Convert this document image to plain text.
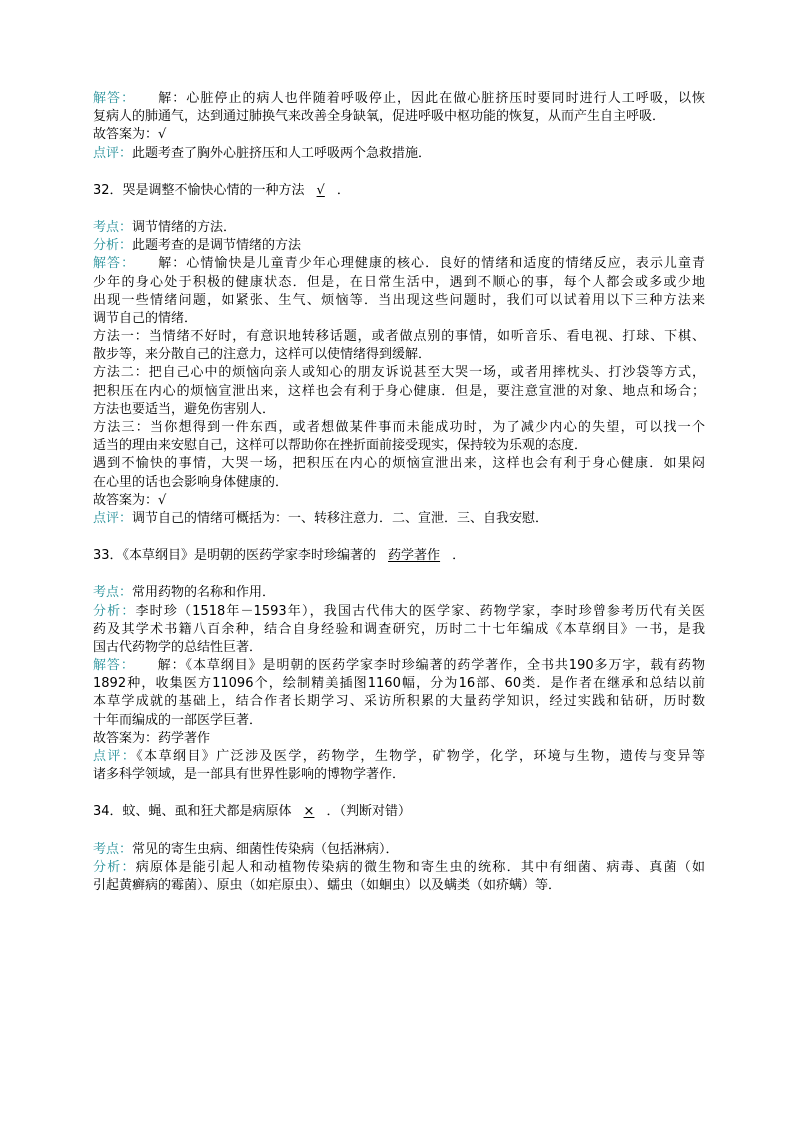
解答： 解：心脏停止的病人也伴随着呼吸停止，因此在做心脏挤压时要同时进行人工呼吸，以恢
复病人的肺通气，达到通过肺换气来改善全身缺氧，促进呼吸中枢功能的恢复，从而产生自主呼吸．
故答案为：√
点评：此题考查了胸外心脏挤压和人工呼吸两个急救措施．
32．哭是调整不愉快心情的一种方法 √ ．
考点：调节情绪的方法．
分析：此题考查的是调节情绪的方法
解答： 解：心情愉快是儿童青少年心理健康的核心．良好的情绪和适度的情绪反应，表示儿童青
少年的身心处于积极的健康状态．但是，在日常生活中，遇到不顺心的事，每个人都会或多或少地
出现一些情绪问题，如紧张、生气、烦恼等．当出现这些问题时，我们可以试着用以下三种方法来
调节自己的情绪．
方法一：当情绪不好时，有意识地转移话题，或者做点别的事情，如听音乐、看电视、打球、下棋、
散步等，来分散自己的注意力，这样可以使情绪得到缓解．
方法二：把自己心中的烦恼向亲人或知心的朋友诉说甚至大哭一场，或者用摔枕头、打沙袋等方式，
把积压在内心的烦恼宣泄出来，这样也会有利于身心健康．但是，要注意宣泄的对象、地点和场合；
方法也要适当，避免伤害别人．
方法三：当你想得到一件东西，或者想做某件事而未能成功时，为了减少内心的失望，可以找一个
适当的理由来安慰自己，这样可以帮助你在挫折面前接受现实，保持较为乐观的态度．
遇到不愉快的事情，大哭一场，把积压在内心的烦恼宣泄出来，这样也会有利于身心健康．如果闷
在心里的话也会影响身体健康的．
故答案为：√
点评：调节自己的情绪可概括为：一、转移注意力．二、宣泄．三、自我安慰．
33．《本草纲目》是明朝的医药学家李时珍编著的 药学著作 ．
考点：常用药物的名称和作用．
分析：李时珍（1518年－1593年），我国古代伟大的医学家、药物学家，李时珍曾参考历代有关医
药及其学术书籍八百余种，结合自身经验和调查研究，历时二十七年编成《本草纲目》一书，是我
国古代药物学的总结性巨著．
解答： 解：《本草纲目》是明朝的医药学家李时珍编著的药学著作，全书共190多万字，载有药物
1892种，收集医方11096个，绘制精美插图1160幅，分为16部、60类．是作者在继承和总结以前
本草学成就的基础上，结合作者长期学习、采访所积累的大量药学知识，经过实践和钻研，历时数
十年而编成的一部医学巨著．
故答案为：药学著作
点评：《本草纲目》广泛涉及医学，药物学，生物学，矿物学，化学，环境与生物，遗传与变异等
诸多科学领域，是一部具有世界性影响的博物学著作．
34．蚊、蝇、虱和狂犬都是病原体 × ．（判断对错）
考点：常见的寄生虫病、细菌性传染病（包括淋病）．
分析：病原体是能引起人和动植物传染病的微生物和寄生虫的统称．其中有细菌、病毒、真菌（如
引起黄癣病的霉菌）、原虫（如疟原虫）、蠕虫（如蛔虫）以及螨类（如疥螨）等．
